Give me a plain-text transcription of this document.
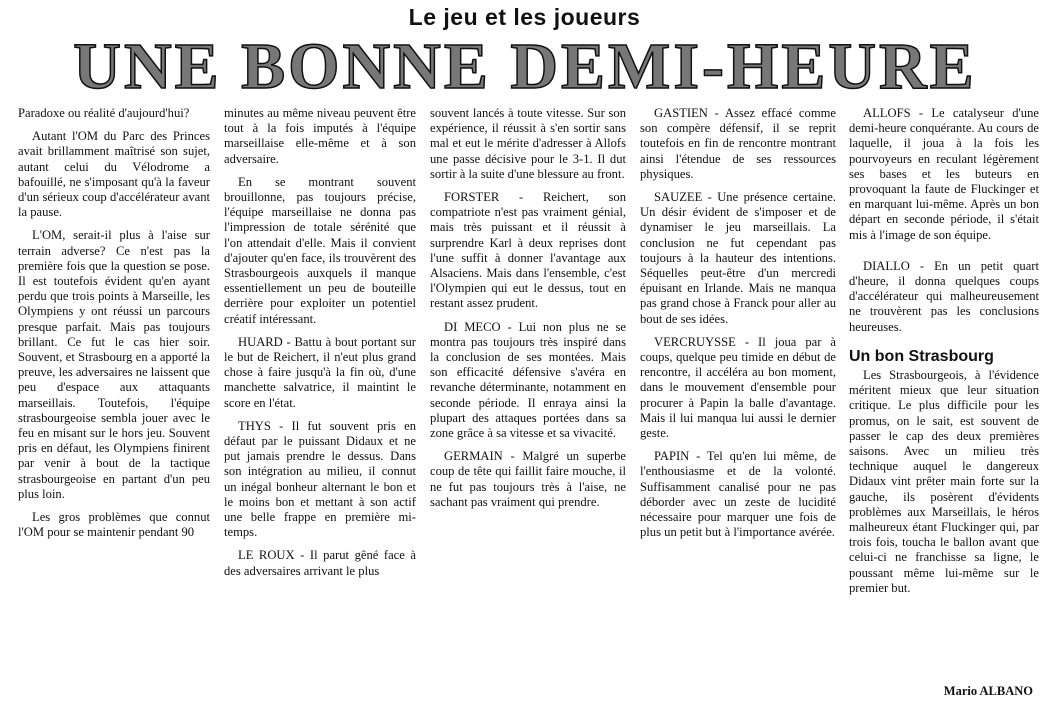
Le jeu et les joueurs
UNE BONNE DEMI-HEURE

Paradoxe ou réalité d'aujourd'hui?

Autant l'OM du Parc des Princes avait brillamment maîtrisé son sujet, autant celui du Vélodrome a bafouillé, ne s'imposant qu'à la faveur d'un sérieux coup d'accélérateur avant la pause.

L'OM, serait-il plus à l'aise sur terrain adverse? Ce n'est pas la première fois que la question se pose. Il est toutefois évident qu'en ayant perdu que trois points à Marseille, les Olympiens y ont réussi un parcours presque parfait. Mais pas toujours brillant. Ce fut le cas hier soir. Souvent, et Strasbourg en a apporté la preuve, les adversaires ne laissent que peu d'espace aux attaquants marseillais. Toutefois, l'équipe strasbourgeoise sembla jouer avec le feu en misant sur le hors jeu. Souvent pris en défaut, les Olympiens finirent par venir à bout de la tactique strasbourgeoise en partant d'un peu plus loin.

Les gros problèmes que connut l'OM pour se maintenir pendant 90

minutes au même niveau peuvent être tout à la fois imputés à l'équipe marseillaise elle-même et à son adversaire.

En se montrant souvent brouillonne, pas toujours précise, l'équipe marseillaise ne donna pas l'impression de totale sérénité que l'on attendait d'elle. Mais il convient d'ajouter qu'en face, ils trouvèrent des Strasbourgeois auxquels il manque essentiellement un peu de bouteille derrière pour exploiter un potentiel créatif intéressant.

HUARD - Battu à bout portant sur le but de Reichert, il n'eut plus grand chose à faire jusqu'à la fin où, d'une manchette salvatrice, il maintint le score en l'état.

THYS - Il fut souvent pris en défaut par le puissant Didaux et ne put jamais prendre le dessus. Dans son intégration au milieu, il connut un inégal bonheur alternant le bon et le moins bon et mettant à son actif une belle frappe en première mi-temps.

LE ROUX - Il parut gêné face à des adversaires arrivant le plus

souvent lancés à toute vitesse. Sur son expérience, il réussit à s'en sortir sans mal et eut le mérite d'adresser à Allofs une passe décisive pour le 3-1. Il dut sortir à la suite d'une blessure au front.

FORSTER - Reichert, son compatriote n'est pas vraiment génial, mais très puissant et il réussit à surprendre Karl à deux reprises dont l'une suffit à donner l'avantage aux Alsaciens. Mais dans l'ensemble, c'est l'Olympien qui eut le dessus, tout en restant assez prudent.

DI MECO - Lui non plus ne se montra pas toujours très inspiré dans la conclusion de ses montées. Mais son efficacité défensive s'avéra en revanche déterminante, notamment en seconde période. Il enraya ainsi la plupart des attaques portées dans sa zone grâce à sa vitesse et sa vivacité.

GERMAIN - Malgré un superbe coup de tête qui faillit faire mouche, il ne fut pas toujours très à l'aise, ne sachant pas vraiment qui prendre.

GASTIEN - Assez effacé comme son compère défensif, il se reprit toutefois en fin de rencontre montrant ainsi l'étendue de ses ressources physiques.

SAUZEE - Une présence certaine. Un désir évident de s'imposer et de dynamiser le jeu marseillais. La conclusion ne fut cependant pas toujours à la hauteur des intentions. Séquelles peut-être d'un mercredi épuisant en Irlande. Mais ne manqua pas grand chose à Franck pour aller au bout de ses idées.

VERCRUYSSE - Il joua par à coups, quelque peu timide en début de rencontre, il accéléra au bon moment, dans le mouvement d'ensemble pour procurer à Papin la balle d'avantage. Mais il lui manqua lui aussi le dernier geste.

PAPIN - Tel qu'en lui même, de l'enthousiasme et de la volonté. Suffisamment canalisé pour ne pas déborder avec un zeste de lucidité nécessaire pour marquer une fois de plus un petit but à l'importance avérée.

ALLOFS - Le catalyseur d'une demi-heure conquérante. Au cours de laquelle, il joua à la fois les pourvoyeurs en reculant légèrement ses bases et les buteurs en provoquant la faute de Fluckinger et en marquant lui-même. Après un bon départ en seconde période, il s'était mis à l'image de son équipe.

DIALLO - En un petit quart d'heure, il donna quelques coups d'accélérateur qui malheureusement ne trouvèrent pas les conclusions heureuses.

Un bon Strasbourg

Les Strasbourgeois, à l'évidence méritent mieux que leur situation critique. Le plus difficile pour les promus, on le sait, est souvent de passer le cap des deux premières saisons. Avec un milieu très technique auquel le dangereux Didaux vint prêter main forte sur la gauche, ils posèrent d'évidents problèmes aux Marseillais, le héros malheureux étant Fluckinger qui, par trois fois, toucha le ballon avant que celui-ci ne franchisse sa ligne, le poussant même lui-même sur le premier but.

Mario ALBANO
